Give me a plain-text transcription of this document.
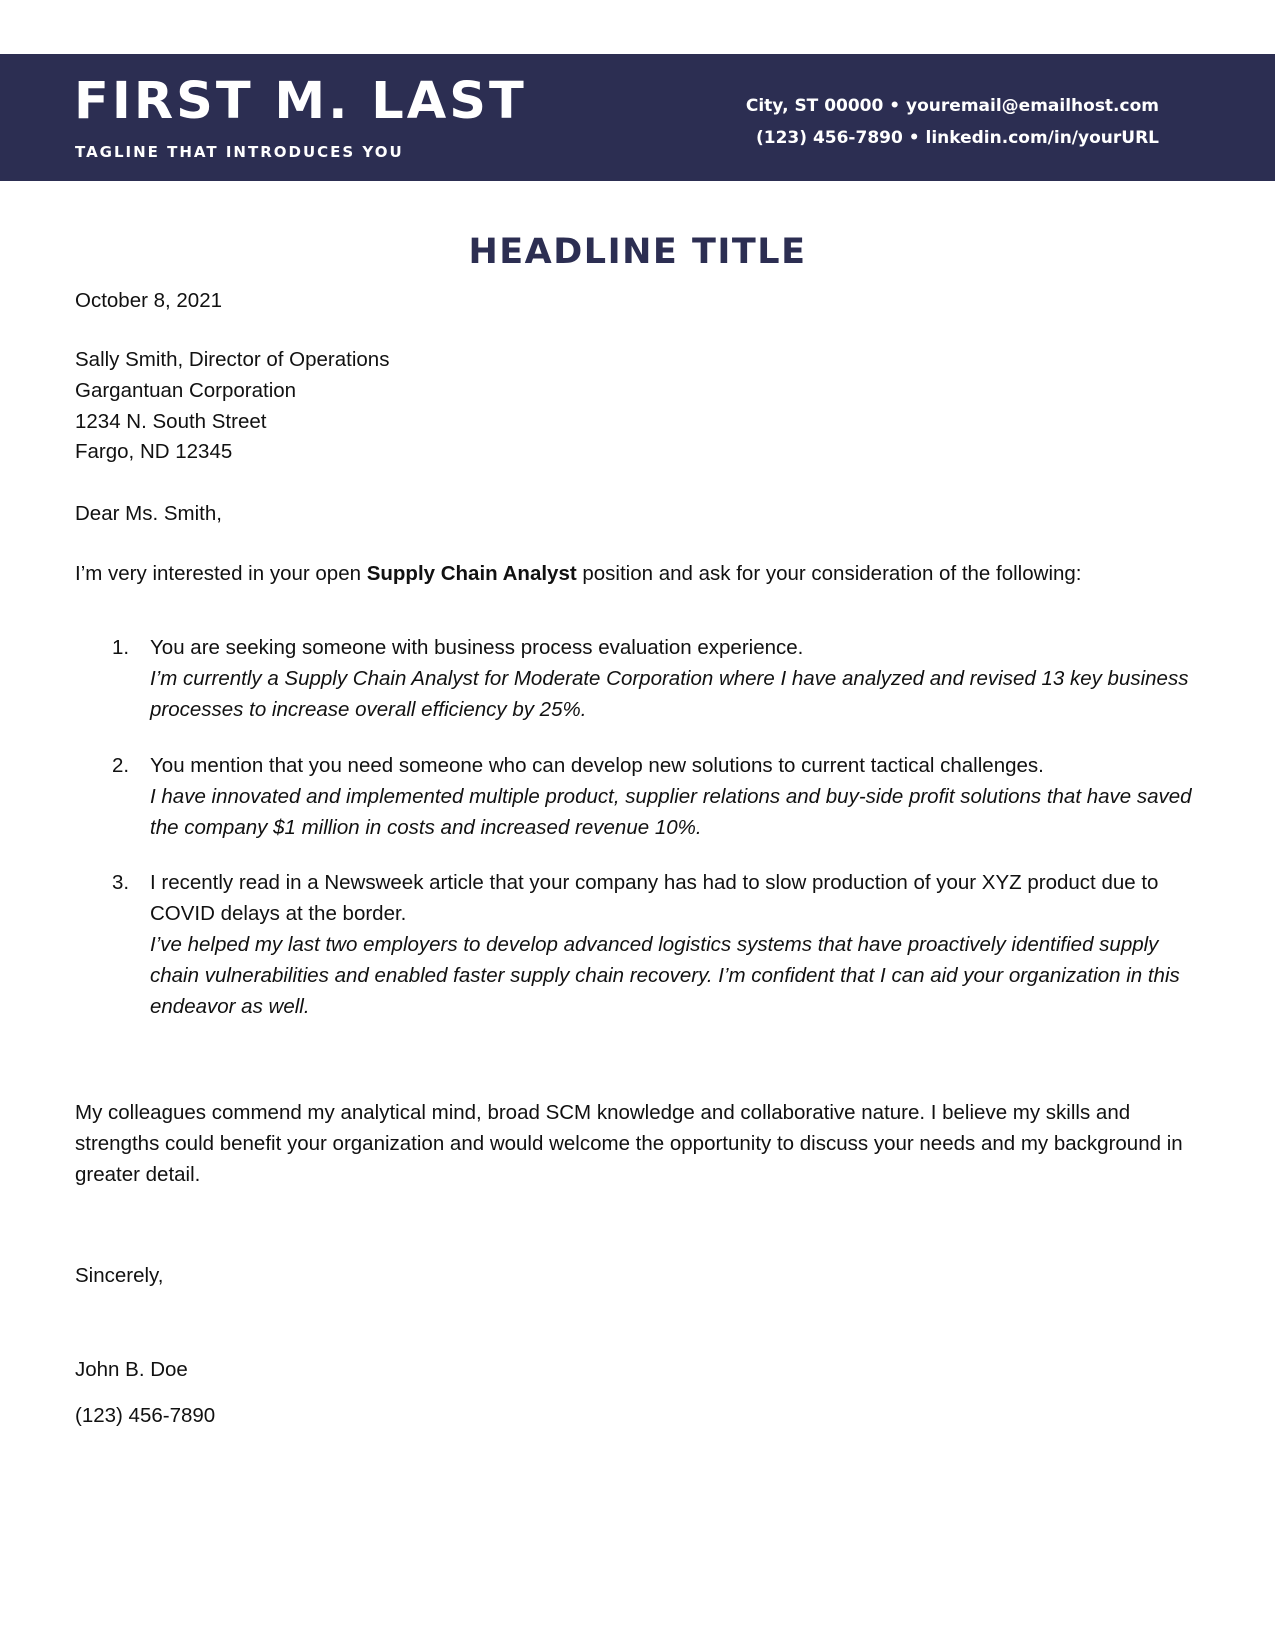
FIRST M. LAST
TAGLINE THAT INTRODUCES YOU
City, ST 00000 • youremail@emailhost.com
(123) 456-7890 • linkedin.com/in/yourURL
HEADLINE TITLE
October 8, 2021
Sally Smith, Director of Operations
Gargantuan Corporation
1234 N. South Street
Fargo, ND 12345
Dear Ms. Smith,
I’m very interested in your open Supply Chain Analyst position and ask for your consideration of the following:
1. You are seeking someone with business process evaluation experience.
I’m currently a Supply Chain Analyst for Moderate Corporation where I have analyzed and revised 13 key business processes to increase overall efficiency by 25%.
2. You mention that you need someone who can develop new solutions to current tactical challenges.
I have innovated and implemented multiple product, supplier relations and buy-side profit solutions that have saved the company $1 million in costs and increased revenue 10%.
3. I recently read in a Newsweek article that your company has had to slow production of your XYZ product due to COVID delays at the border.
I’ve helped my last two employers to develop advanced logistics systems that have proactively identified supply chain vulnerabilities and enabled faster supply chain recovery. I’m confident that I can aid your organization in this endeavor as well.
My colleagues commend my analytical mind, broad SCM knowledge and collaborative nature. I believe my skills and strengths could benefit your organization and would welcome the opportunity to discuss your needs and my background in greater detail.
Sincerely,
John B. Doe
(123) 456-7890
